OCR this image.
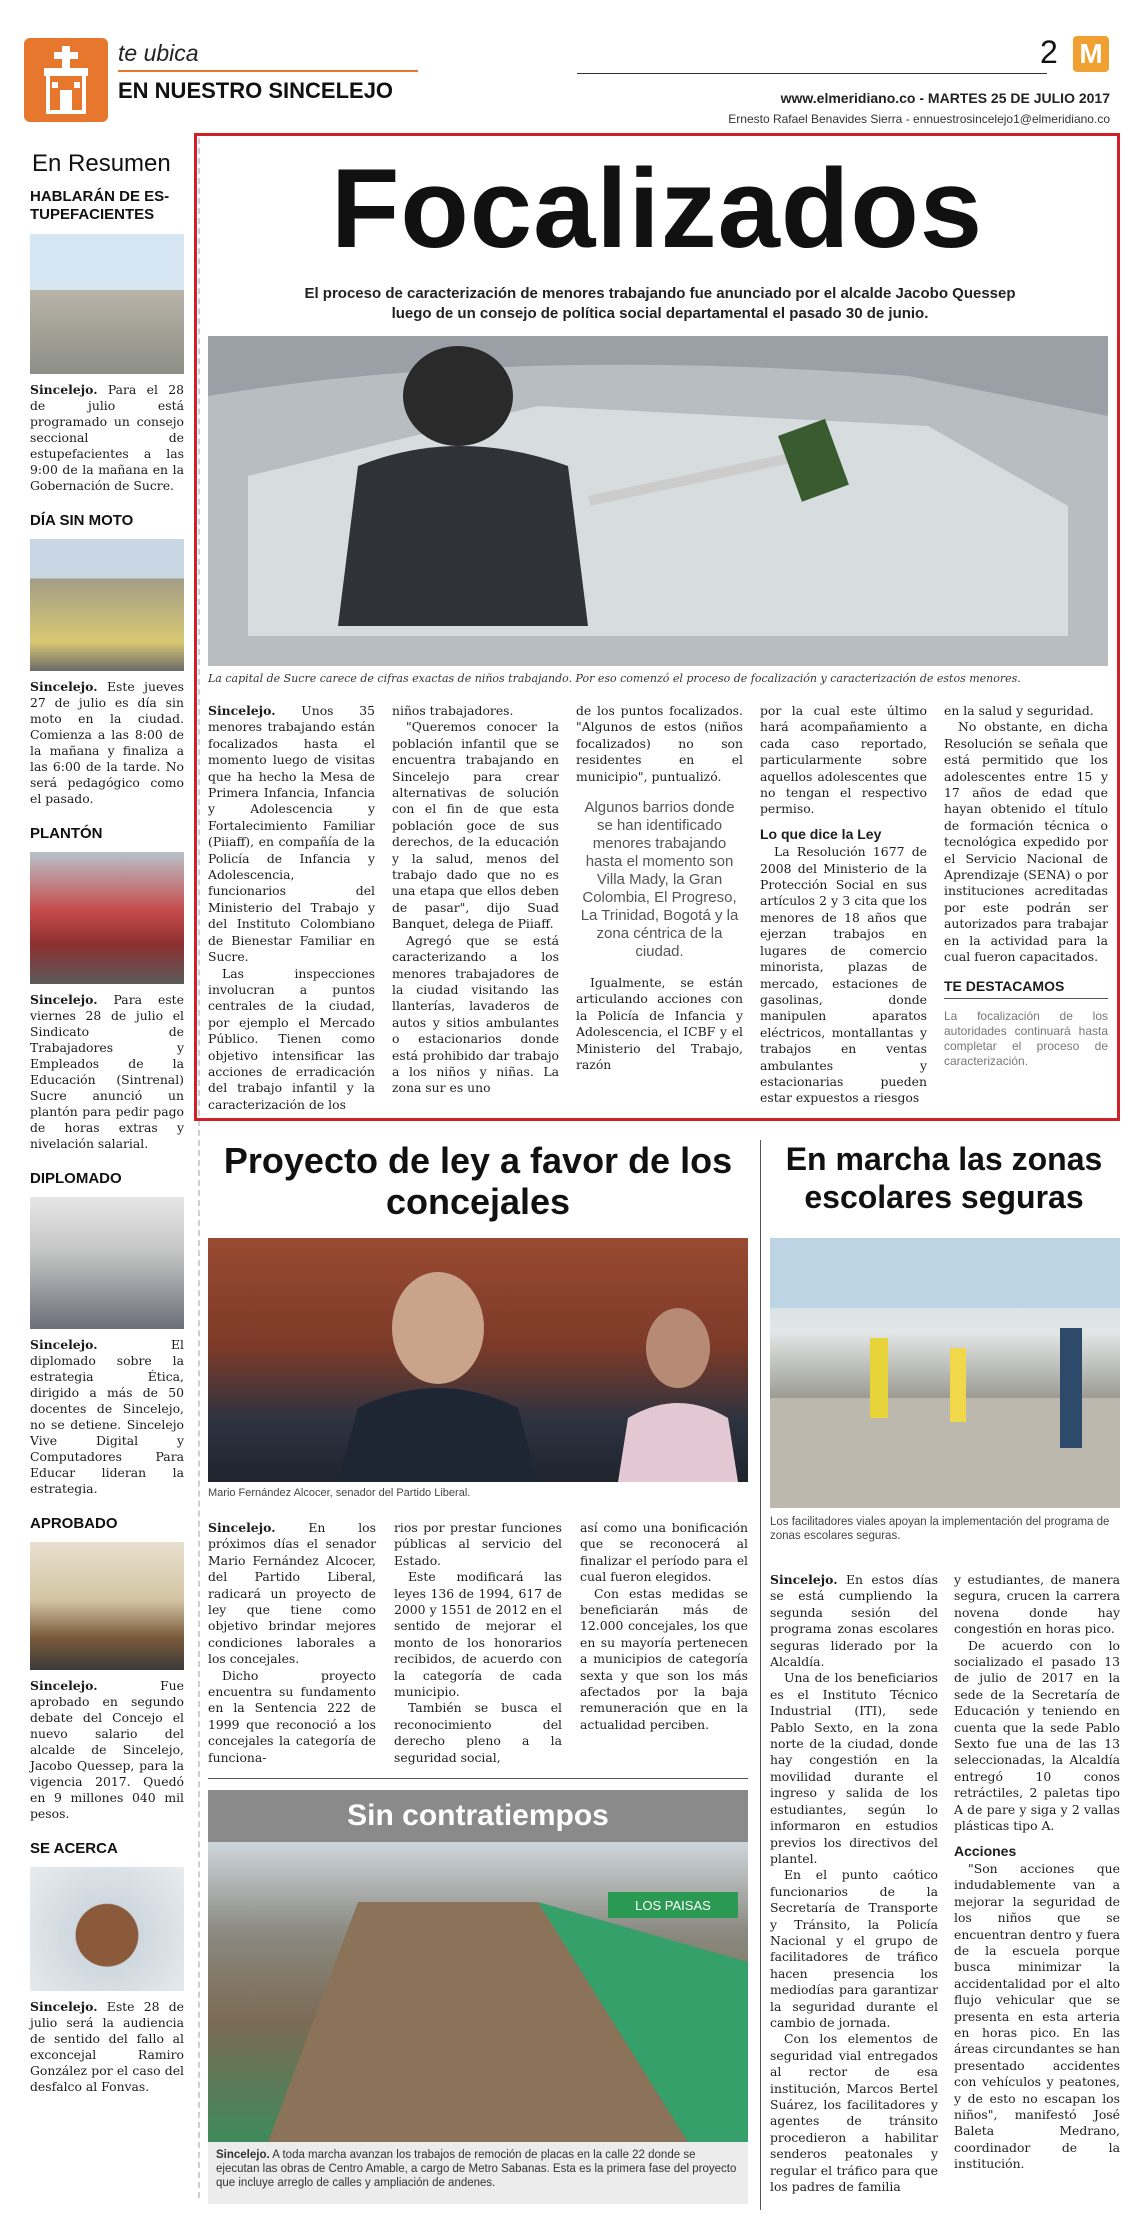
te ubica
EN NUESTRO SINCELEJO
2 M
www.elmeridiano.co - MARTES 25 DE JULIO 2017
Ernesto Rafael Benavides Sierra - ennuestrosincelejo1@elmeridiano.co
En Resumen
HABLARÁN DE ES-TUPEFACIENTES
Sincelejo. Para el 28 de julio está programado un consejo seccional de estupefacientes a las 9:00 de la mañana en la Gobernación de Sucre.
DÍA SIN MOTO
Sincelejo. Este jueves 27 de julio es día sin moto en la ciudad. Comienza a las 8:00 de la mañana y finaliza a las 6:00 de la tarde. No será pedagógico como el pasado.
PLANTÓN
Sincelejo. Para este viernes 28 de julio el Sindicato de Trabajadores y Empleados de la Educación (Sintrenal) Sucre anunció un plantón para pedir pago de horas extras y nivelación salarial.
DIPLOMADO
Sincelejo.	El diplomado sobre la estrategia Ética, dirigido a más de 50 docentes de Sincelejo, no se detiene. Sincelejo Vive Digital y Computadores Para Educar lideran la estrategia.
APROBADO
Sincelejo.	Fue aprobado en segundo debate del Concejo el nuevo salario del alcalde de Sincelejo, Jacobo Quessep, para la vigencia 2017. Quedó en 9 millones 040 mil pesos.
SE ACERCA
Sincelejo. Este 28 de julio será la audiencia de sentido del fallo al exconcejal Ramiro González por el caso del desfalco al Fonvas.
Focalizados
El proceso de caracterización de menores trabajando fue anunciado por el alcalde Jacobo Quessep luego de un consejo de política social departamental el pasado 30 de junio.
La capital de Sucre carece de cifras exactas de niños trabajando. Por eso comenzó el proceso de focalización y caracterización de estos menores.

Sincelejo. Unos 35 menores trabajando están focalizados hasta el momento luego de visitas que ha hecho la Mesa de Primera Infancia, Infancia y Adolescencia y Fortalecimiento Familiar (Piiaff), en compañía de la Policía de Infancia y Adolescencia, funcionarios del Ministerio del Trabajo y del Instituto Colombiano de Bienestar Familiar en Sucre.

Las inspecciones involucran a puntos centrales de la ciudad, por ejemplo el Mercado Público. Tienen como objetivo intensificar las acciones de erradicación del trabajo infantil y la caracterización de los

niños trabajadores.

"Queremos conocer la población infantil que se encuentra trabajando en Sincelejo para crear alternativas de solución con el fin de que esta población goce de sus derechos, de la educación y la salud, menos del trabajo dado que no es una etapa que ellos deben de pasar", dijo Suad Banquet, delega de Piiaff.

Agregó que se está caracterizando a los menores trabajadores de la ciudad visitando las llanterías, lavaderos de autos y sitios ambulantes o estacionarios donde está prohibido dar trabajo a los niños y niñas. La zona sur es uno

de los puntos focalizados. "Algunos de estos (niños focalizados) no son residentes en el municipio", puntualizó.

Algunos barrios donde se han identificado menores trabajando hasta el momento son Villa Mady, la Gran Colombia, El Progreso, La Trinidad, Bogotá y la zona céntrica de la ciudad.

Igualmente, se están articulando acciones con la Policía de Infancia y Adolescencia, el ICBF y el Ministerio del Trabajo, razón

por la cual este último hará acompañamiento a cada caso reportado, particularmente sobre aquellos adolescentes que no tengan el respectivo permiso.

Lo que dice la Ley

La Resolución 1677 de 2008 del Ministerio de la Protección Social en sus artículos 2 y 3 cita que los menores de 18 años que ejerzan trabajos en lugares de comercio minorista, plazas de mercado, estaciones de gasolinas, donde manipulen aparatos eléctricos, montallantas y trabajos en ventas ambulantes y estacionarias pueden estar expuestos a riesgos

en la salud y seguridad.

No obstante, en dicha Resolución se señala que está permitido que los adolescentes entre 15 y 17 años de edad que hayan obtenido el título de formación técnica o tecnológica expedido por el Servicio Nacional de Aprendizaje (SENA) o por instituciones acreditadas por este podrán ser autorizados para trabajar en la actividad para la cual fueron capacitados.

TE DESTACAMOS
La focalización de los autoridades continuará hasta completar el proceso de caracterización.
Proyecto de ley a favor de los concejales
Mario Fernández Alcocer, senador del Partido Liberal.

Sincelejo.	En los próximos días el senador Mario Fernández Alcocer, del Partido Liberal, radicará un proyecto de ley que tiene como objetivo brindar mejores condiciones laborales a los concejales.

Dicho proyecto encuentra su fundamento en la Sentencia 222 de 1999 que reconoció a los concejales la categoría de funciona-

rios por prestar funciones públicas al servicio del Estado.

Este modificará las leyes 136 de 1994, 617 de 2000 y 1551 de 2012 en el sentido de mejorar el monto de los honorarios recibidos, de acuerdo con la categoría de cada municipio.

También se busca el reconocimiento del derecho pleno a la seguridad social,

así como una bonificación que se reconocerá al finalizar el período para el cual fueron elegidos.

Con estas medidas se beneficiarán más de 12.000 concejales, los que en su mayoría pertenecen a municipios de categoría sexta y que son los más afectados por la baja remuneración que en la actualidad perciben.

Sin contratiempos
LOS PAISAS
Sincelejo. A toda marcha avanzan los trabajos de remoción de placas en la calle 22 donde se ejecutan las obras de Centro Amable, a cargo de Metro Sabanas. Esta es la primera fase del proyecto que incluye arreglo de calles y ampliación de andenes.
En marcha las zonas escolares seguras
Los facilitadores viales apoyan la implementación del programa de zonas escolares seguras.

Sincelejo. En estos días se está cumpliendo la segunda sesión del programa zonas escolares seguras liderado por la Alcaldía.

Una de los beneficiarios es el Instituto Técnico Industrial (ITI), sede Pablo Sexto, en la zona norte de la ciudad, donde hay congestión en la movilidad durante el ingreso y salida de los estudiantes, según lo informaron en estudios previos los directivos del plantel.

En el punto caótico funcionarios de la Secretaría de Transporte y Tránsito, la Policía Nacional y el grupo de facilitadores de tráfico hacen presencia los mediodías para garantizar la seguridad durante el cambio de jornada.

Con los elementos de seguridad vial entregados al rector de esa institución, Marcos Bertel Suárez, los facilitadores y agentes de tránsito procedieron a habilitar senderos peatonales y regular el tráfico para que los padres de familia

y estudiantes, de manera segura, crucen la carrera novena donde hay congestión en horas pico.

De acuerdo con lo socializado el pasado 13 de julio de 2017 en la sede de la Secretaría de Educación y teniendo en cuenta que la sede Pablo Sexto fue una de las 13 seleccionadas, la Alcaldía entregó 10 conos retráctiles, 2 paletas tipo A de pare y siga y 2 vallas plásticas tipo A.

Acciones

"Son acciones que indudablemente van a mejorar la seguridad de los niños que se encuentran dentro y fuera de la escuela porque busca minimizar la accidentalidad por el alto flujo vehicular que se presenta en esta arteria en horas pico. En las áreas circundantes se han presentado accidentes con vehículos y peatones, y de esto no escapan los niños", manifestó José Baleta Medrano, coordinador de la institución.
